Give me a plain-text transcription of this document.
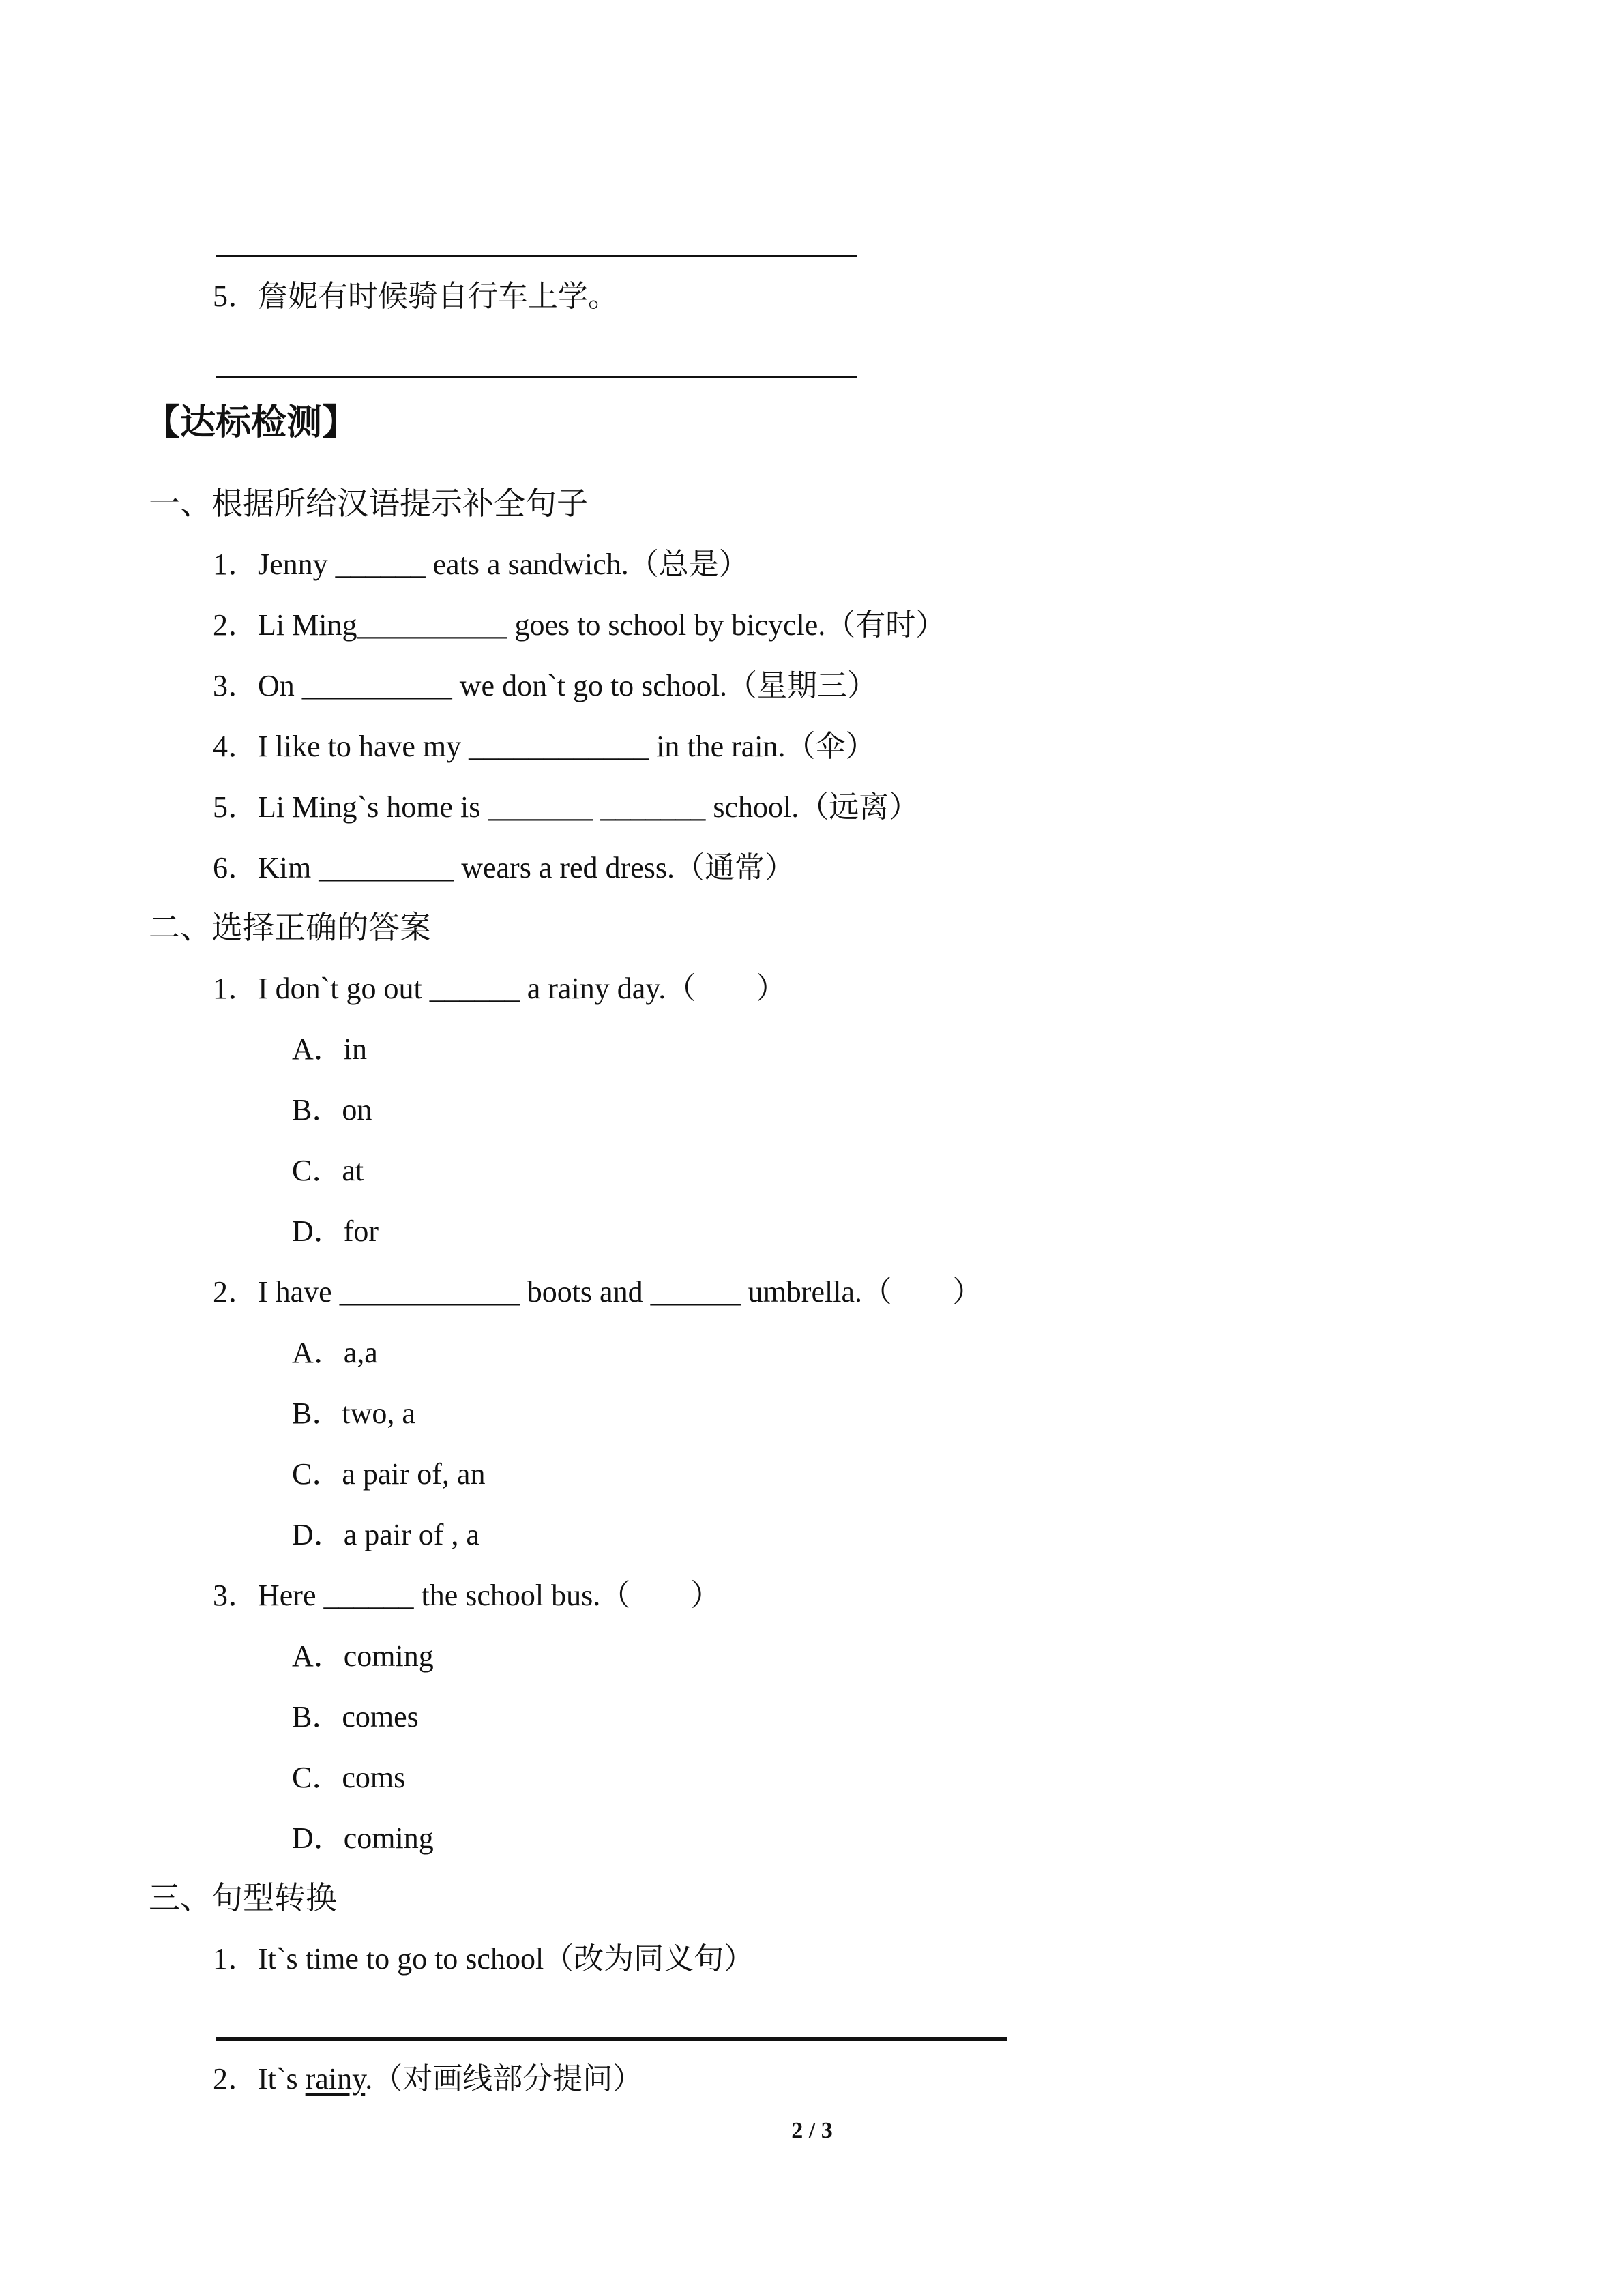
5．詹妮有时候骑自行车上学。
【达标检测】
一、根据所给汉语提示补全句子
1．Jenny ______ eats a sandwich.（总是）
2．Li Ming__________ goes to school by bicycle.（有时）
3．On __________ we don`t go to school.（星期三）
4．I like to have my ____________ in the rain.（伞）
5．Li Ming`s home is _______ _______ school.（远离）
6．Kim _________ wears a red dress.（通常）
二、选择正确的答案
1．I don`t go out ______ a rainy day.（　　）
A．in
B．on
C．at
D．for
2．I have ____________ boots and ______ umbrella.（　　）
A．a,a
B．two, a
C．a pair of, an
D．a pair of , a
3．Here ______ the school bus.（　　）
A．coming
B．comes
C．coms
D．coming
三、句型转换
1．It`s time to go to school（改为同义句）
2．It`s rainy.（对画线部分提问）
2 / 3
